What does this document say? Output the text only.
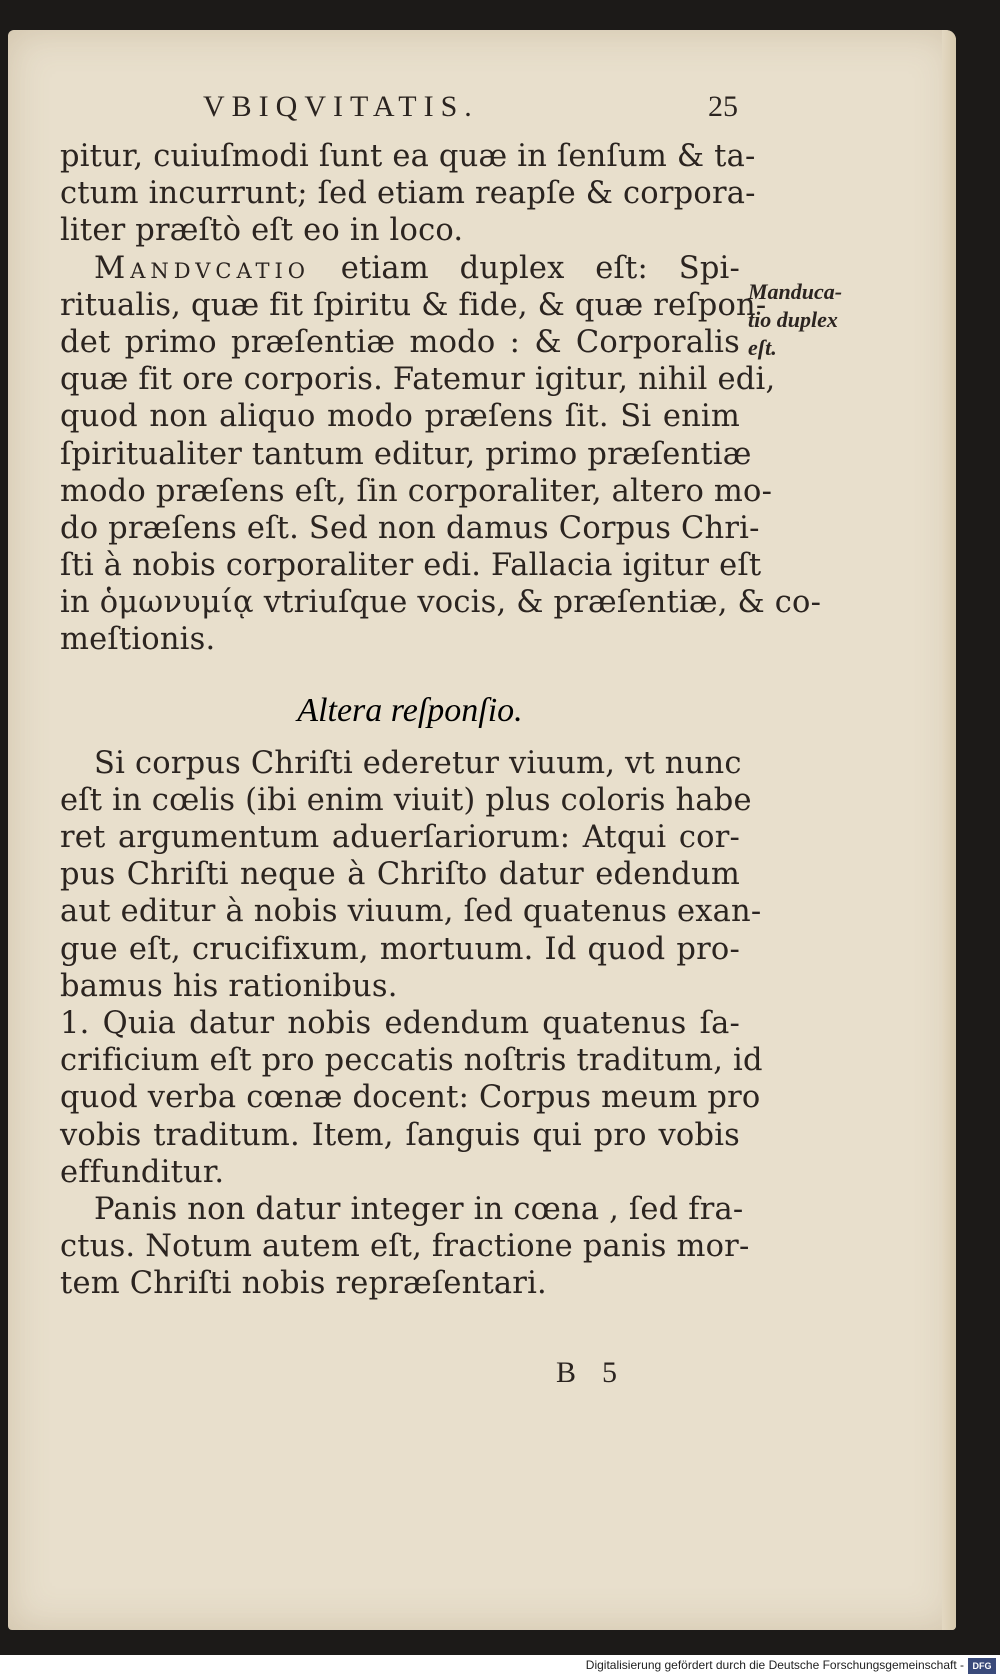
VBIQVITATIS.	25
pitur, cuiuſmodi ſunt ea quæ in ſenſum & ta-
ctum incurrunt; ſed etiam reapſe & corpora-
liter præſtò eſt eo in loco.
Mandvcatio etiam duplex eſt: Spi-
ritualis, quæ fit ſpiritu & fide, & quæ reſpon-
det primo præſentiæ modo : & Corporalis
quæ fit ore corporis. Fatemur igitur, nihil edi,
quod non aliquo modo præſens ſit. Si enim
ſpiritualiter tantum editur, primo præſentiæ
modo præſens eſt, ſin corporaliter, altero mo-
do præſens eſt. Sed non damus Corpus Chri-
ſti à nobis corporaliter edi. Fallacia igitur eſt
in ὁμωνυμίᾳ vtriuſque vocis, & præſentiæ, & co-
meſtionis.
Altera reſponſio.
Si corpus Chriſti ederetur viuum, vt nunc
eſt in cœlis (ibi enim viuit) plus coloris habe
ret argumentum aduerſariorum: Atqui cor-
pus Chriſti neque à Chriſto datur edendum
aut editur à nobis viuum, ſed quatenus exan-
gue eſt, crucifixum, mortuum. Id quod pro-
bamus his rationibus.
1. Quia datur nobis edendum quatenus ſa-
crificium eſt pro peccatis noſtris traditum, id
quod verba cœnæ docent: Corpus meum pro
vobis traditum. Item, ſanguis qui pro vobis
effunditur.
Panis non datur integer in cœna , ſed fra-
ctus. Notum autem eſt, fractione panis mor-
tem Chriſti nobis repræſentari.
Manduca-
tio duplex
eſt.
B 5
Digitalisierung gefördert durch die Deutsche Forschungsgemeinschaft - DFG
